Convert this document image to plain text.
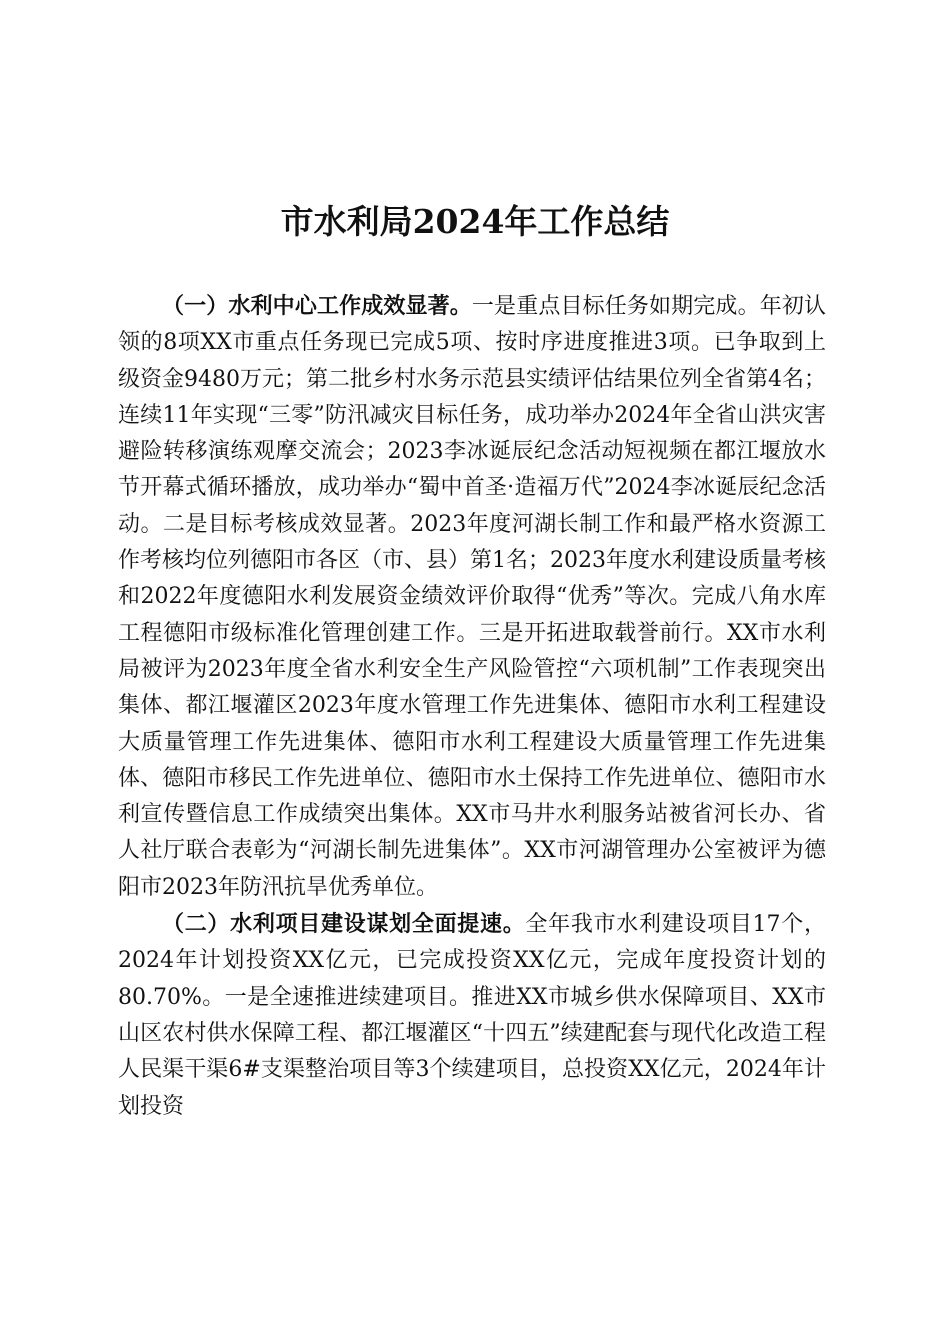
市水利局2024年工作总结

（一）水利中心工作成效显著。一是重点目标任务如期完成。年初认领的8项XX市重点任务现已完成5项、按时序进度推进3项。已争取到上级资金9480万元；第二批乡村水务示范县实绩评估结果位列全省第4名；连续11年实现“三零”防汛减灾目标任务，成功举办2024年全省山洪灾害避险转移演练观摩交流会；2023李冰诞辰纪念活动短视频在都江堰放水节开幕式循环播放，成功举办“蜀中首圣·造福万代”2024李冰诞辰纪念活动。二是目标考核成效显著。2023年度河湖长制工作和最严格水资源工作考核均位列德阳市各区（市、县）第1名；2023年度水利建设质量考核和2022年度德阳水利发展资金绩效评价取得“优秀”等次。完成八角水库工程德阳市级标准化管理创建工作。三是开拓进取载誉前行。XX市水利局被评为2023年度全省水利安全生产风险管控“六项机制”工作表现突出集体、都江堰灌区2023年度水管理工作先进集体、德阳市水利工程建设大质量管理工作先进集体、德阳市水利工程建设大质量管理工作先进集体、德阳市移民工作先进单位、德阳市水土保持工作先进单位、德阳市水利宣传暨信息工作成绩突出集体。XX市马井水利服务站被省河长办、省人社厅联合表彰为“河湖长制先进集体”。XX市河湖管理办公室被评为德阳市2023年防汛抗旱优秀单位。

（二）水利项目建设谋划全面提速。全年我市水利建设项目17个，2024年计划投资XX亿元，已完成投资XX亿元，完成年度投资计划的80.70%。一是全速推进续建项目。推进XX市城乡供水保障项目、XX市山区农村供水保障工程、都江堰灌区“十四五”续建配套与现代化改造工程人民渠干渠6#支渠整治项目等3个续建项目，总投资XX亿元，2024年计划投资
